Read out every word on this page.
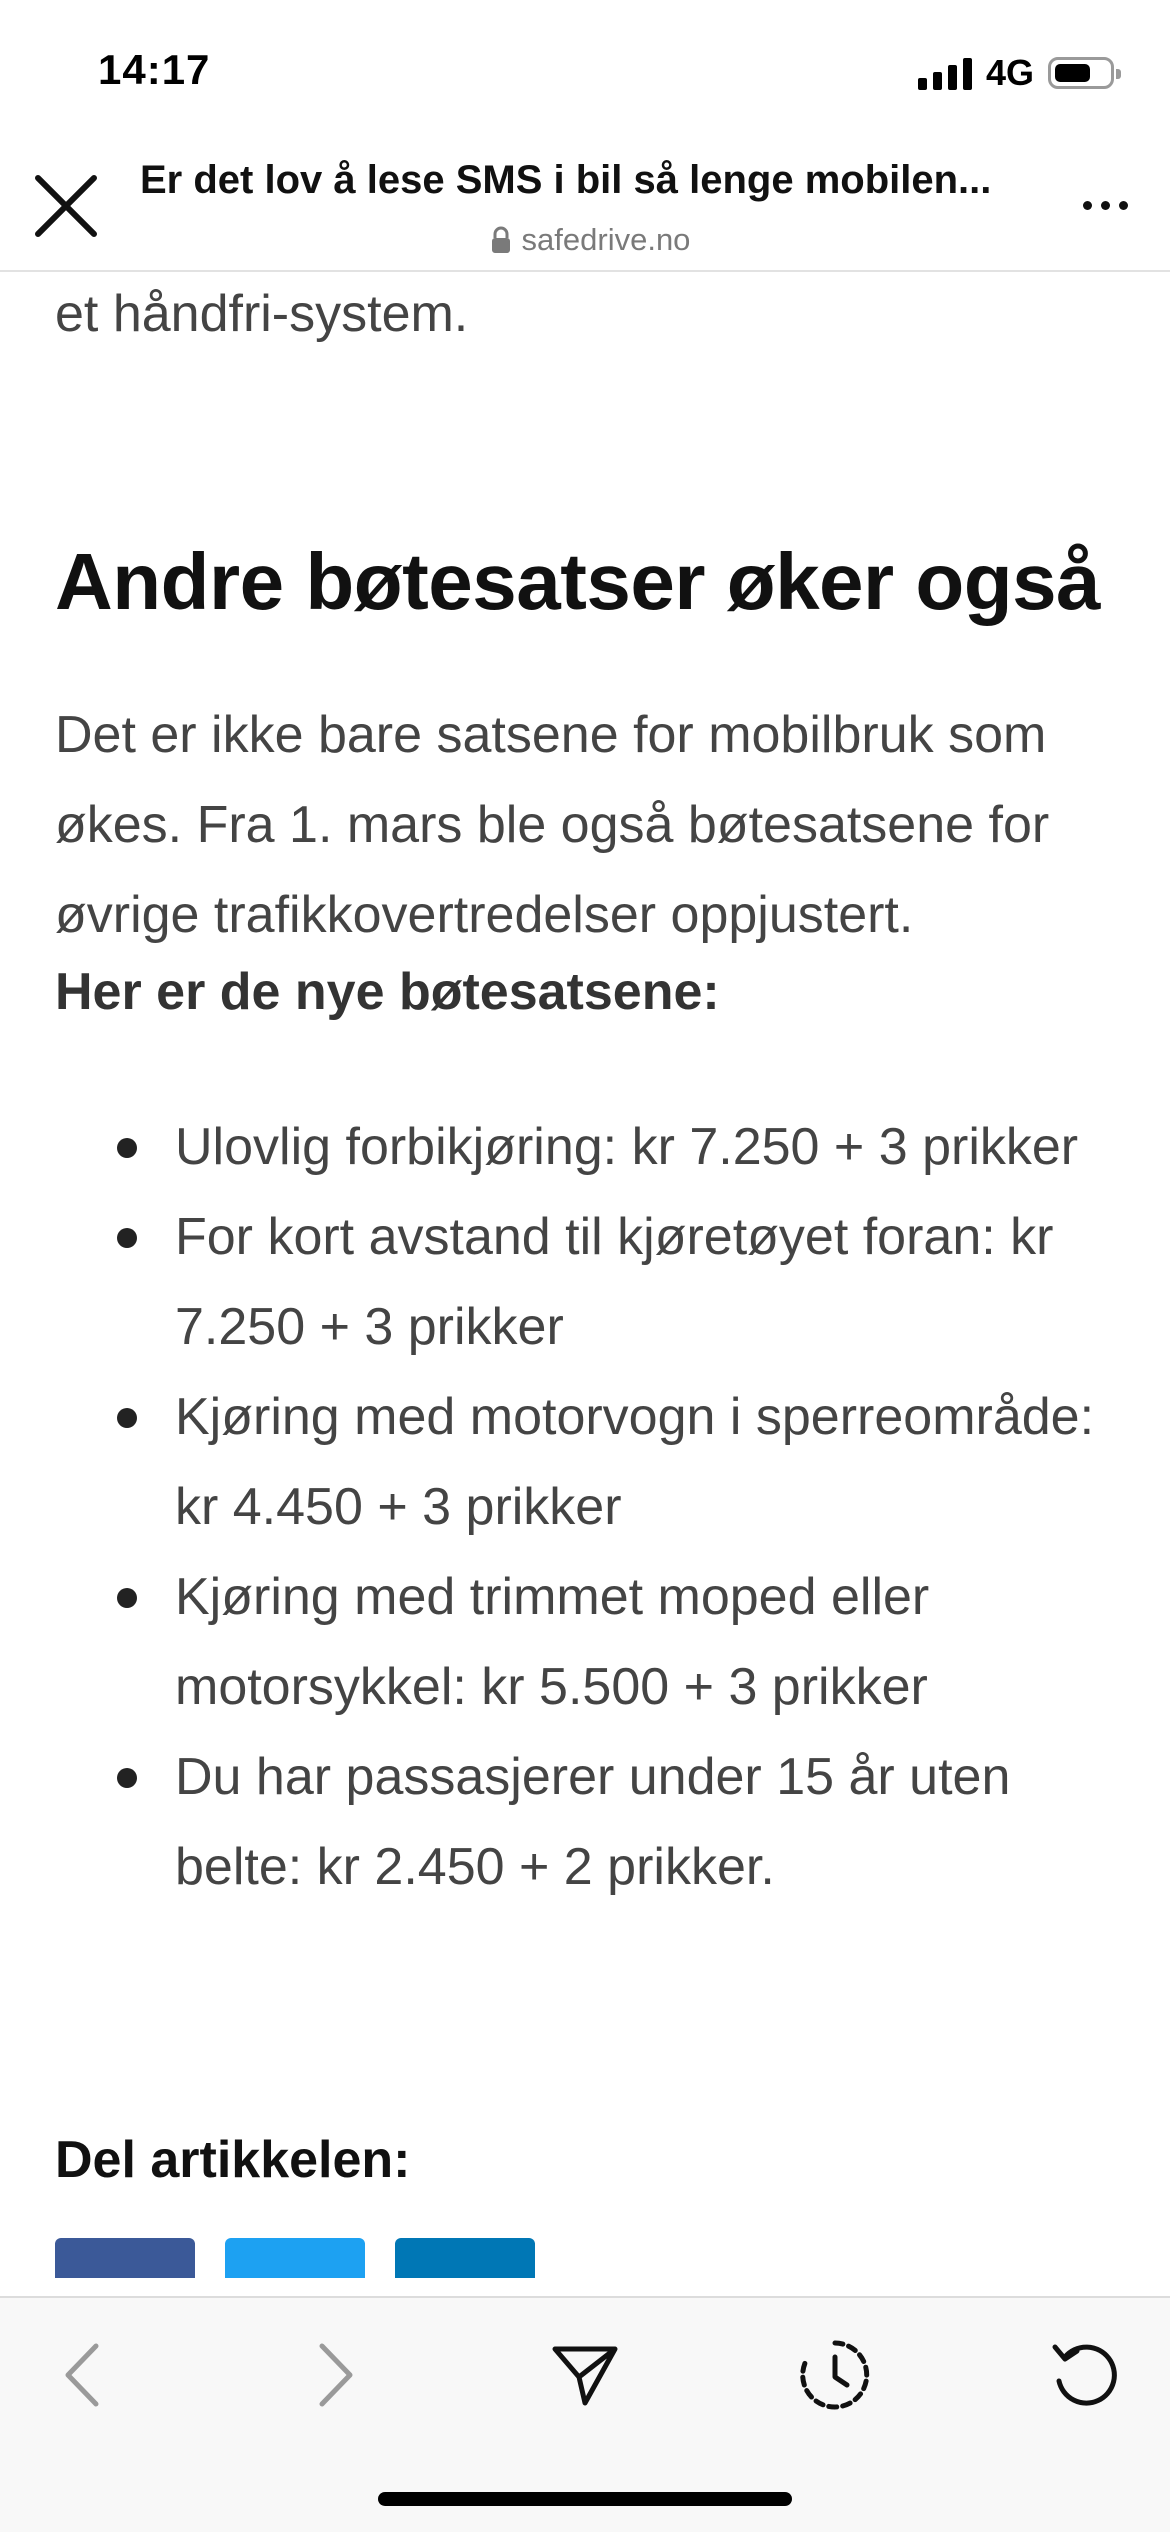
14:17	4G
Er det lov å lese SMS i bil så lenge mobilen...
safedrive.no
et håndfri-system.
Andre bøtesatser øker også

Det er ikke bare satsene for mobilbruk som økes. Fra 1. mars ble også bøtesatsene for øvrige trafikkovertredelser oppjustert.

Her er de nye bøtesatsene:
Ulovlig forbikjøring: kr 7.250 + 3 prikker
For kort avstand til kjøretøyet foran: kr 7.250 + 3 prikker
Kjøring med motorvogn i sperreområde: kr 4.450 + 3 prikker
Kjøring med trimmet moped eller motorsykkel: kr 5.500 + 3 prikker
Du har passasjerer under 15 år uten belte: kr 2.450 + 2 prikker.
Del artikkelen:
